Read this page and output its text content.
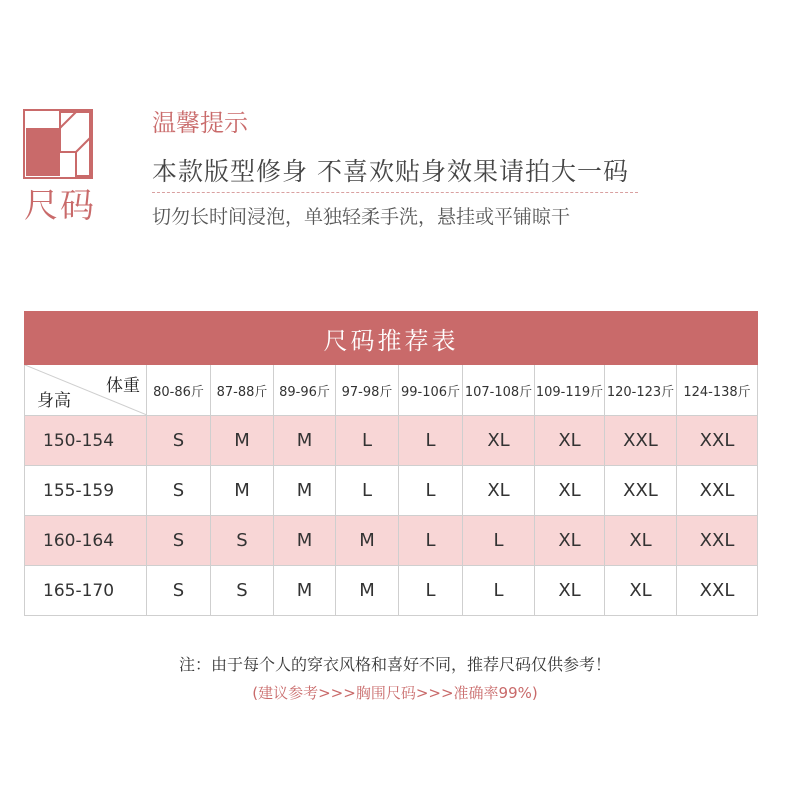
尺码
温馨提示
本款版型修身 不喜欢贴身效果请拍大一码
切勿长时间浸泡，单独轻柔手洗，悬挂或平铺晾干
尺码推荐表									

体重
身高	80-86斤	87-88斤	89-96斤	97-98斤	99-106斤	107-108斤	109-119斤	120-123斤	124-138斤
150-154	S	M	M	L	L	XL	XL	XXL	XXL
155-159	S	M	M	L	L	XL	XL	XXL	XXL
160-164	S	S	M	M	L	L	XL	XL	XXL
165-170	S	S	M	M	L	L	XL	XL	XXL
注：由于每个人的穿衣风格和喜好不同，推荐尺码仅供参考！
(建议参考>>>胸围尺码>>>准确率99%)
